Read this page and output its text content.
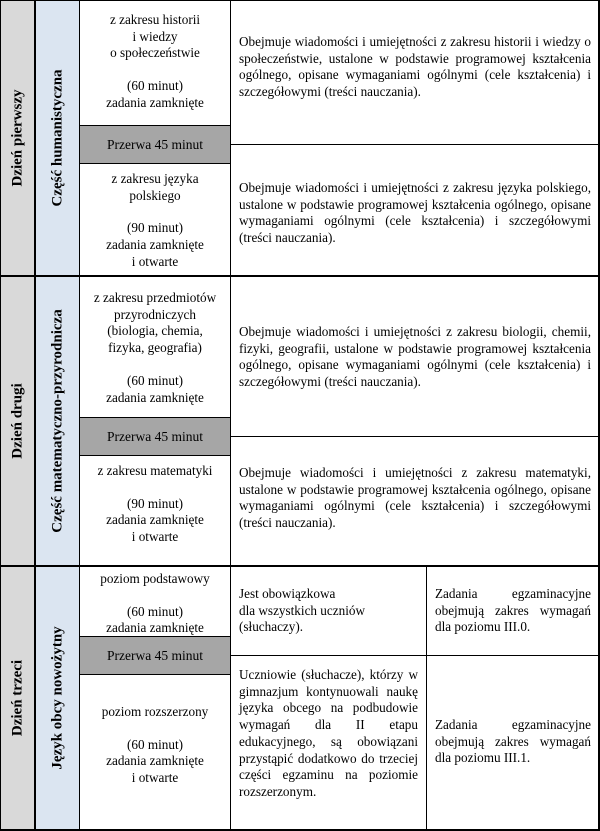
Dzień pierwszy Część humanistyczna

z zakresu historii

i wiedzy

o społeczeństwie

(60 minut)

zadania zamknięte

Przerwa 45 minut

z zakresu języka

polskiego

(90 minut)

zadania zamknięte

i otwarte

Obejmuje wiadomości i umiejętności z zakresu historii i wiedzy o społeczeństwie, ustalone w podstawie programowej kształcenia ogólnego, opisane wymaganiami ogólnymi (cele kształcenia) i szczegółowymi (treści nauczania).

Obejmuje wiadomości i umiejętności z zakresu języka polskiego, ustalone w podstawie programowej kształcenia ogólnego, opisane wymaganiami ogólnymi (cele kształcenia) i szczegółowymi (treści nauczania).

Dzień drugi Część matematyczno-przyrodnicza

z zakresu przedmiotów

przyrodniczych

(biologia, chemia,

fizyka, geografia)

(60 minut)

zadania zamknięte

Przerwa 45 minut

z zakresu matematyki

(90 minut)

zadania zamknięte

i otwarte

Obejmuje wiadomości i umiejętności z zakresu biologii, chemii, fizyki, geografii, ustalone w podstawie programowej kształcenia ogólnego, opisane wymaganiami ogólnymi (cele kształcenia) i szczegółowymi (treści nauczania).

Obejmuje wiadomości i umiejętności z zakresu matematyki, ustalone w podstawie programowej kształcenia ogólnego, opisane wymaganiami ogólnymi (cele kształcenia) i szczegółowymi (treści nauczania).

Dzień trzeci Język obcy nowożytny

poziom podstawowy

(60 minut)

zadania zamknięte

Przerwa 45 minut

poziom rozszerzony

(60 minut)

zadania zamknięte

i otwarte

Jest obowiązkowa

dla wszystkich uczniów

(słuchaczy).

Zadania egzaminacyjne obejmują zakres wymagań dla poziomu III.0.

Uczniowie (słuchacze), którzy w gimnazjum kontynuowali naukę języka obcego na podbudowie wymagań dla II etapu edukacyjnego, są obowiązani przystąpić dodatkowo do trzeciej części egzaminu na poziomie rozszerzonym.

Zadania egzaminacyjne obejmują zakres wymagań dla poziomu III.1.
